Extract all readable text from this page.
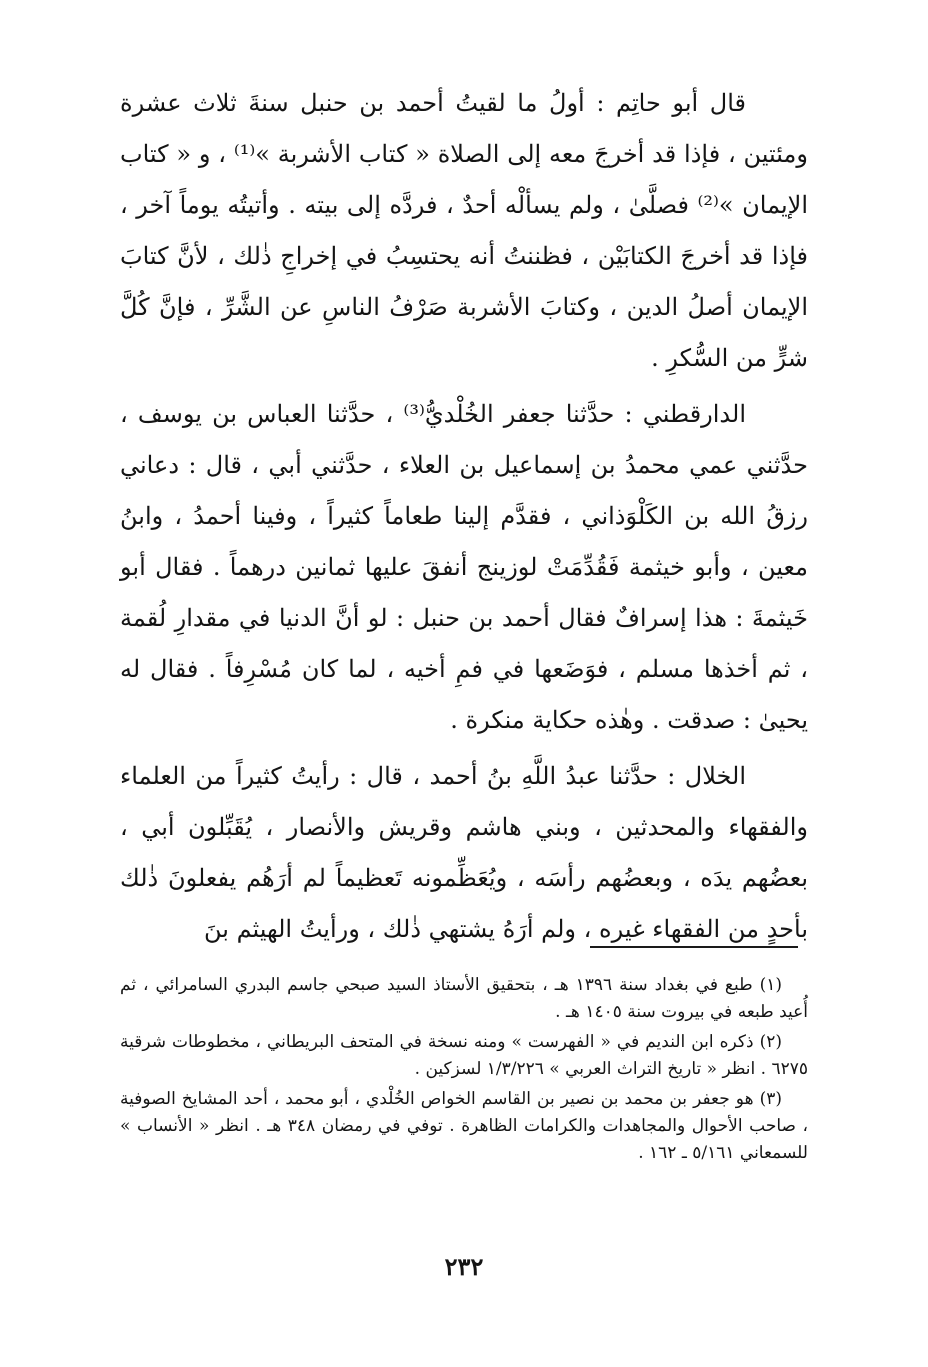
قال أبو حاتِم : أولُ ما لقيتُ أحمد بن حنبل سنةَ ثلاث عشرة ومئتين ، فإذا قد أخرجَ معه إلى الصلاة « كتاب الأشربة »⁽¹⁾ ، و « كتاب الإيمان »⁽²⁾ فصلَّىٰ ، ولم يسألْه أحدٌ ، فردَّه إلى بيته . وأتيتُه يوماً آخر ، فإذا قد أخرجَ الكتابَيْن ، فظننتُ أنه يحتسِبُ في إخراجِ ذٰلك ، لأنَّ كتابَ الإيمان أصلُ الدين ، وكتابَ الأشربة صَرْفُ الناسِ عن الشَّرِّ ، فإنَّ كُلَّ شرٍّ من السُّكرِ .

الدارقطني : حدَّثنا جعفر الخُلْديُّ⁽³⁾ ، حدَّثنا العباس بن يوسف ، حدَّثني عمي محمدُ بن إسماعيل بن العلاء ، حدَّثني أبي ، قال : دعاني رزقُ الله بن الكَلْوَذاني ، فقدَّم إلينا طعاماً كثيراً ، وفينا أحمدُ ، وابنُ معين ، وأبو خيثمة فَقُدِّمَتْ لوزينج أنفقَ عليها ثمانين درهماً . فقال أبو خَيثمةَ : هذا إسرافٌ فقال أحمد بن حنبل : لو أنَّ الدنيا في مقدارِ لُقمة ، ثم أخذها مسلم ، فوَضَعها في فمِ أخيه ، لما كان مُسْرِفاً . فقال له يحيىٰ : صدقت . وهٰذه حكاية منكرة .

الخلال : حدَّثنا عبدُ اللَّهِ بنُ أحمد ، قال : رأيتُ كثيراً من العلماء والفقهاء والمحدثين ، وبني هاشم وقريش والأنصار ، يُقَبِّلون أبي ، بعضُهم يدَه ، وبعضُهم رأسَه ، ويُعَظِّمونه تَعظيماً لم أرَهُم يفعلونَ ذٰلك بأحدٍ من الفقهاء غيره ، ولم أرَهُ يشتهي ذٰلك ، ورأيتُ الهيثم بنَ

(١) طبع في بغداد سنة ١٣٩٦ هـ ، بتحقيق الأستاذ السيد صبحي جاسم البدري السامرائي ، ثم أُعيد طبعه في بيروت سنة ١٤٠٥ هـ .

(٢) ذكره ابن النديم في « الفهرست » ومنه نسخة في المتحف البريطاني ، مخطوطات شرقية ٦٢٧٥ . انظر « تاريخ التراث العربي » ١/٣/٢٢٦ لسزكين .

(٣) هو جعفر بن محمد بن نصير بن القاسم الخواص الخُلْدي ، أبو محمد ، أحد المشايخ الصوفية ، صاحب الأحوال والمجاهدات والكرامات الظاهرة . توفي في رمضان ٣٤٨ هـ . انظر « الأنساب » للسمعاني ٥/١٦١ ـ ١٦٢ .

٢٣٢
